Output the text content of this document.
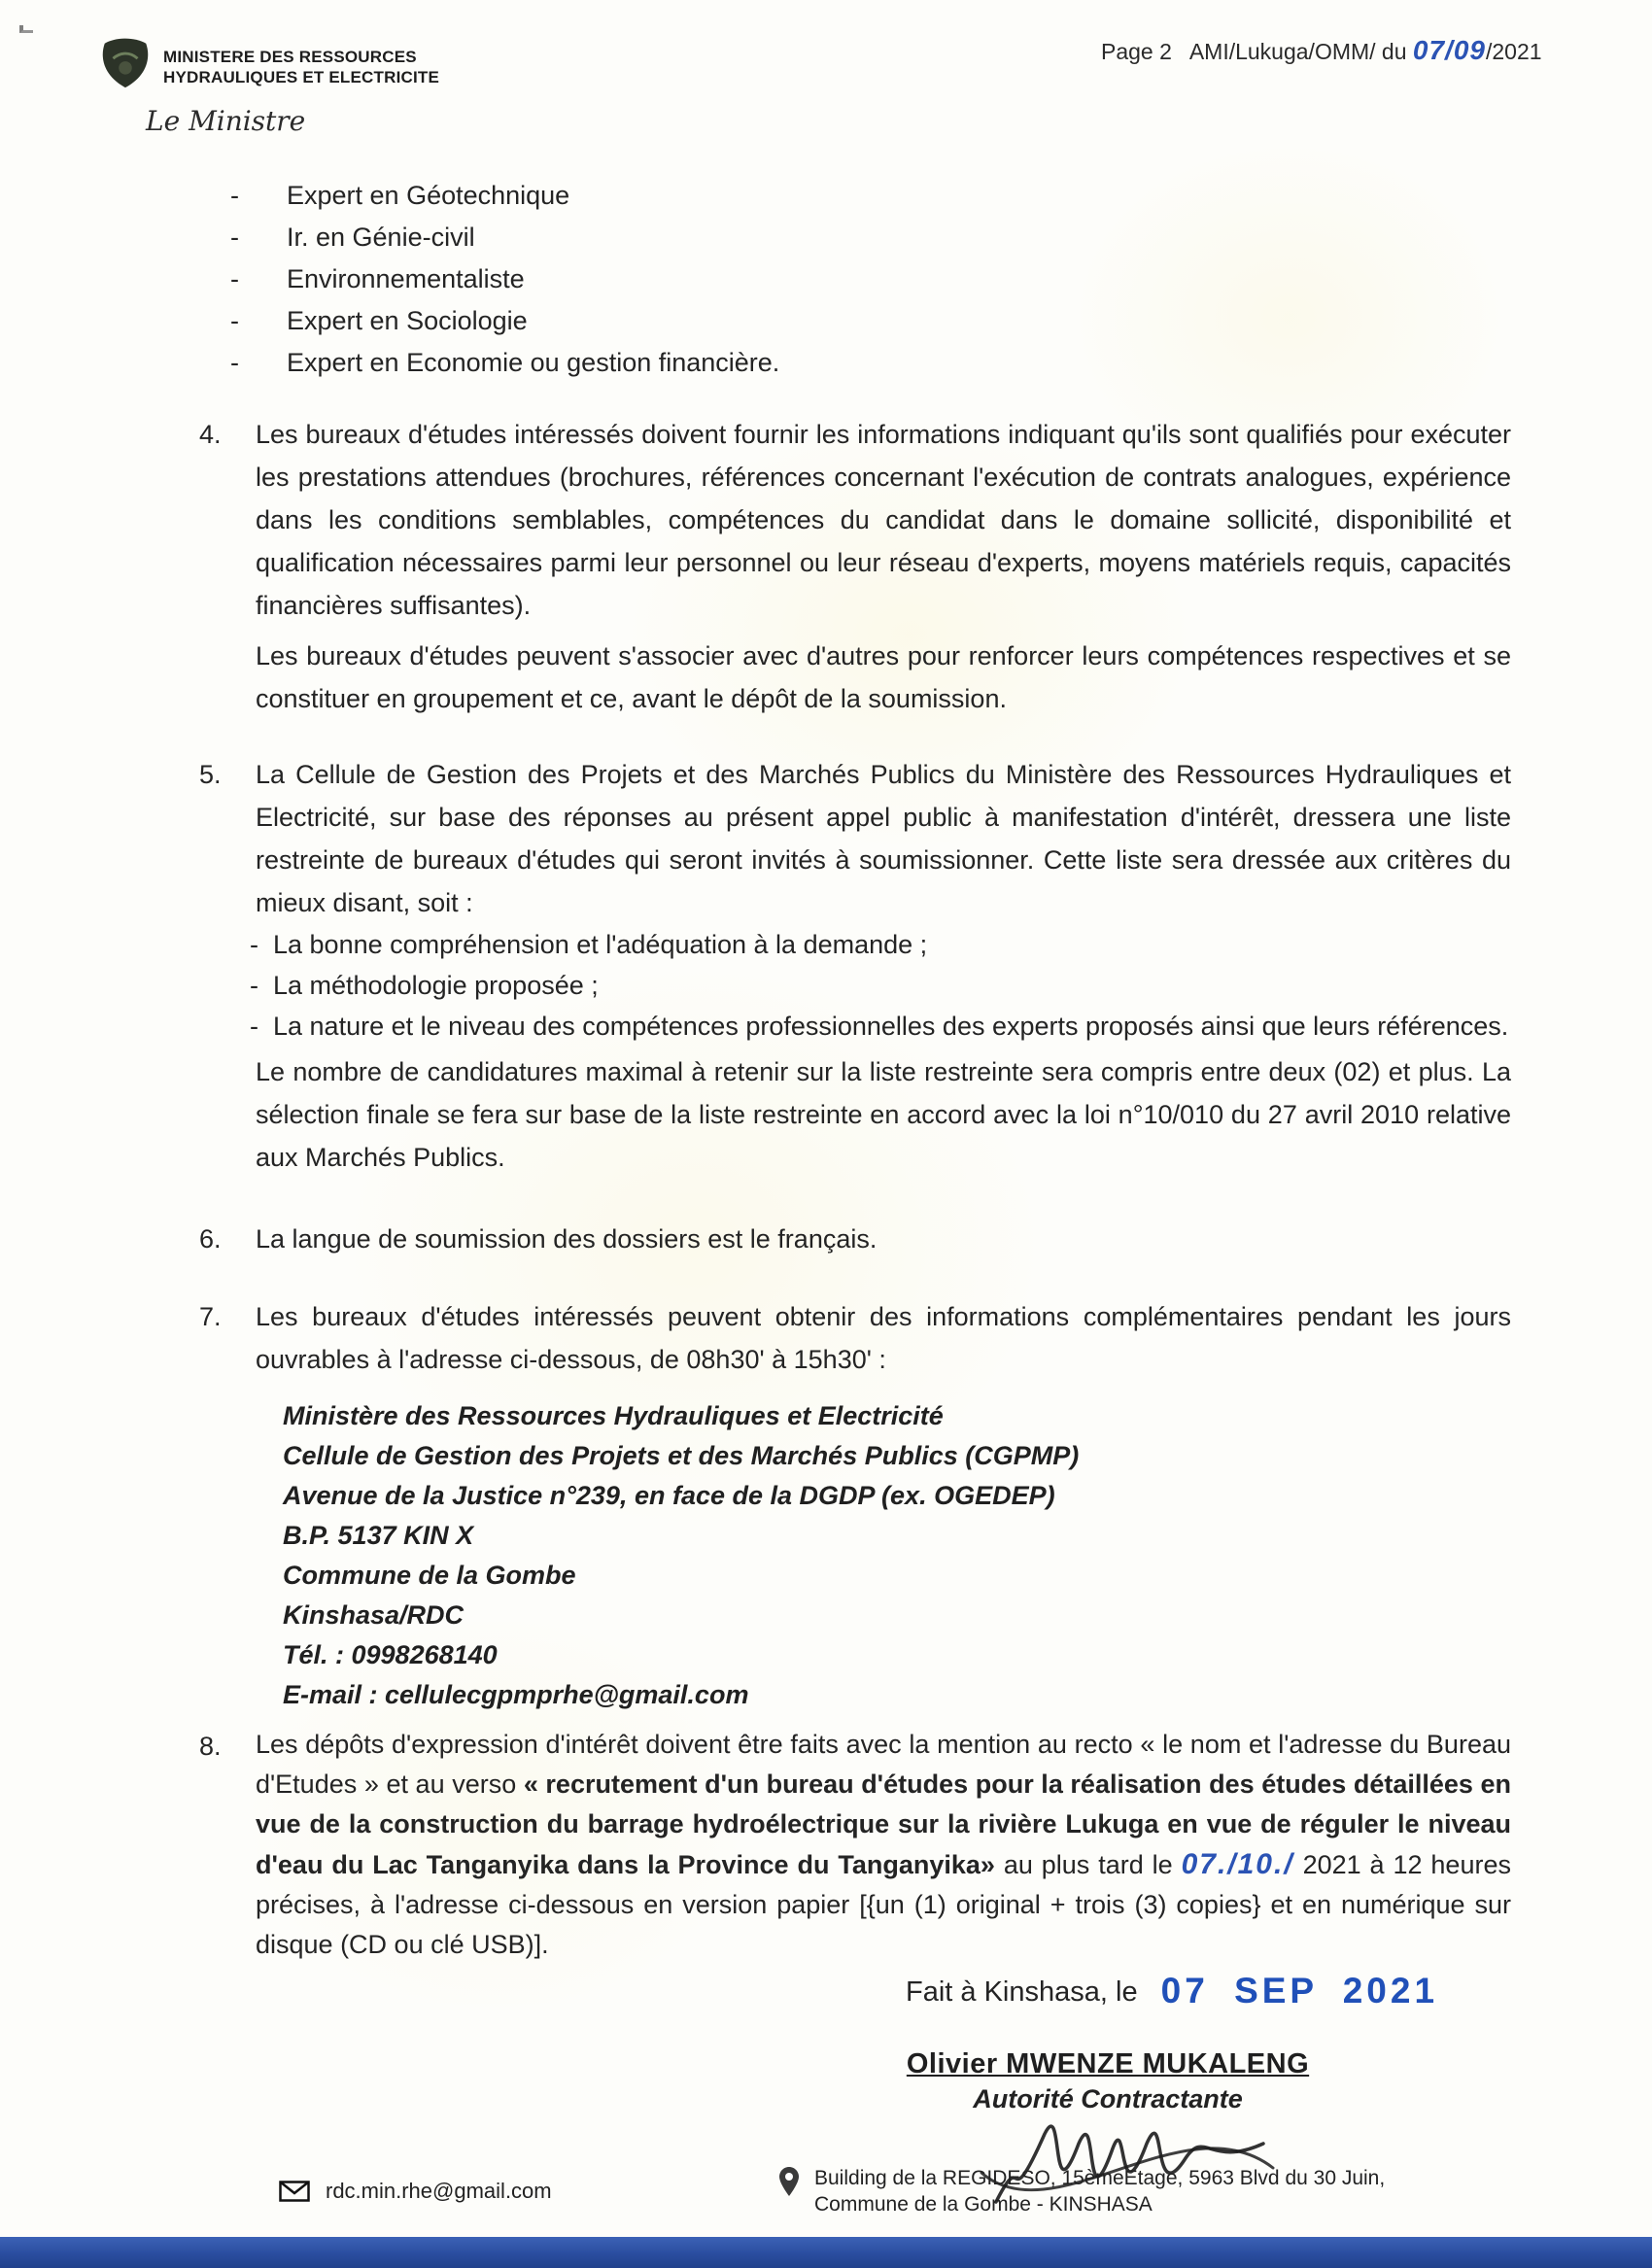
MINISTERE DES RESSOURCES
HYDRAULIQUES ET ELECTRICITE
Le Ministre
Page 2 AMI/Lukuga/OMM/ du 07/09/2021
- Expert en Géotechnique
- Ir. en Génie-civil
- Environnementaliste
- Expert en Sociologie
- Expert en Economie ou gestion financière.
4.	Les bureaux d'études intéressés doivent fournir les informations indiquant qu'ils sont qualifiés pour exécuter les prestations attendues (brochures, références concernant l'exécution de contrats analogues, expérience dans les conditions semblables, compétences du candidat dans le domaine sollicité, disponibilité et qualification nécessaires parmi leur personnel ou leur réseau d'experts, moyens matériels requis, capacités financières suffisantes).
Les bureaux d'études peuvent s'associer avec d'autres pour renforcer leurs compétences respectives et se constituer en groupement et ce, avant le dépôt de la soumission.
5.	La Cellule de Gestion des Projets et des Marchés Publics du Ministère des Ressources Hydrauliques et Electricité, sur base des réponses au présent appel public à manifestation d'intérêt, dressera une liste restreinte de bureaux d'études qui seront invités à soumissionner. Cette liste sera dressée aux critères du mieux disant, soit :
- La bonne compréhension et l'adéquation à la demande ;
- La méthodologie proposée ;
- La nature et le niveau des compétences professionnelles des experts proposés ainsi que leurs références.
Le nombre de candidatures maximal à retenir sur la liste restreinte sera compris entre deux (02) et plus. La sélection finale se fera sur base de la liste restreinte en accord avec la loi n°10/010 du 27 avril 2010 relative aux Marchés Publics.
6.	La langue de soumission des dossiers est le français.
7.	Les bureaux d'études intéressés peuvent obtenir des informations complémentaires pendant les jours ouvrables à l'adresse ci-dessous, de 08h30' à 15h30' :
Ministère des Ressources Hydrauliques et Electricité
Cellule de Gestion des Projets et des Marchés Publics (CGPMP)
Avenue de la Justice n°239, en face de la DGDP (ex. OGEDEP)
B.P. 5137 KIN X
Commune de la Gombe
Kinshasa/RDC
Tél. : 0998268140
E-mail : cellulecgpmprhe@gmail.com
8.	Les dépôts d'expression d'intérêt doivent être faits avec la mention au recto « le nom et l'adresse du Bureau d'Etudes » et au verso « recrutement d'un bureau d'études pour la réalisation des études détaillées en vue de la construction du barrage hydroélectrique sur la rivière Lukuga en vue de réguler le niveau d'eau du Lac Tanganyika dans la Province du Tanganyika» au plus tard le 07./10./ 2021 à 12 heures précises, à l'adresse ci-dessous en version papier [{un (1) original + trois (3) copies} et en numérique sur disque (CD ou clé USB)].
Fait à Kinshasa, le 07 SEP 2021
Olivier MWENZE MUKALENG
Autorité Contractante
rdc.min.rhe@gmail.com
Building de la REGIDESO, 15èmeEtage, 5963 Blvd du 30 Juin,
Commune de la Gombe - KINSHASA
